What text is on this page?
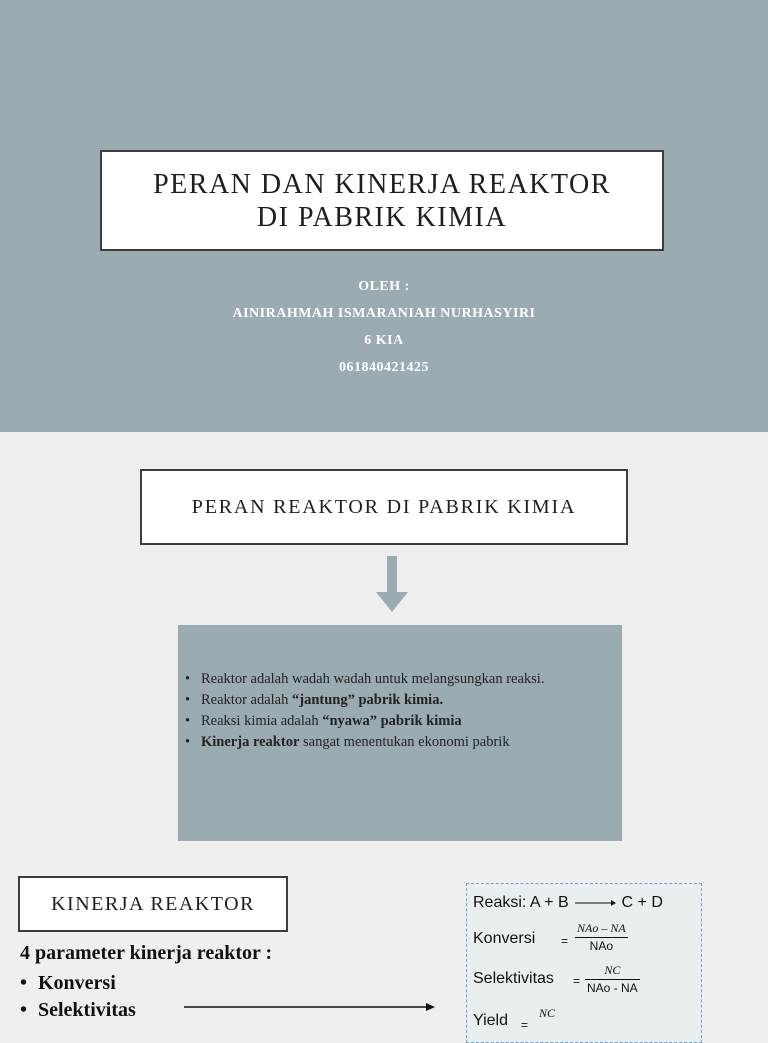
PERAN DAN KINERJA REAKTOR
DI PABRIK KIMIA
OLEH :
AINIRAHMAH ISMARANIAH NURHASYIRI
6 KIA
061840421425
PERAN REAKTOR DI PABRIK KIMIA
• Reaktor adalah wadah wadah untuk melangsungkan reaksi.
• Reaktor adalah “jantung” pabrik kimia.
• Reaksi kimia adalah “nyawa” pabrik kimia
• Kinerja reaktor sangat menentukan ekonomi pabrik
KINERJA REAKTOR
4 parameter kinerja reaktor :
• Konversi
• Selektivitas
Reaksi: A + B → C + D
Konversi =
NAo – NA
NAo
Selektivitas =
NC
NAo - NA
Yield =
NC
